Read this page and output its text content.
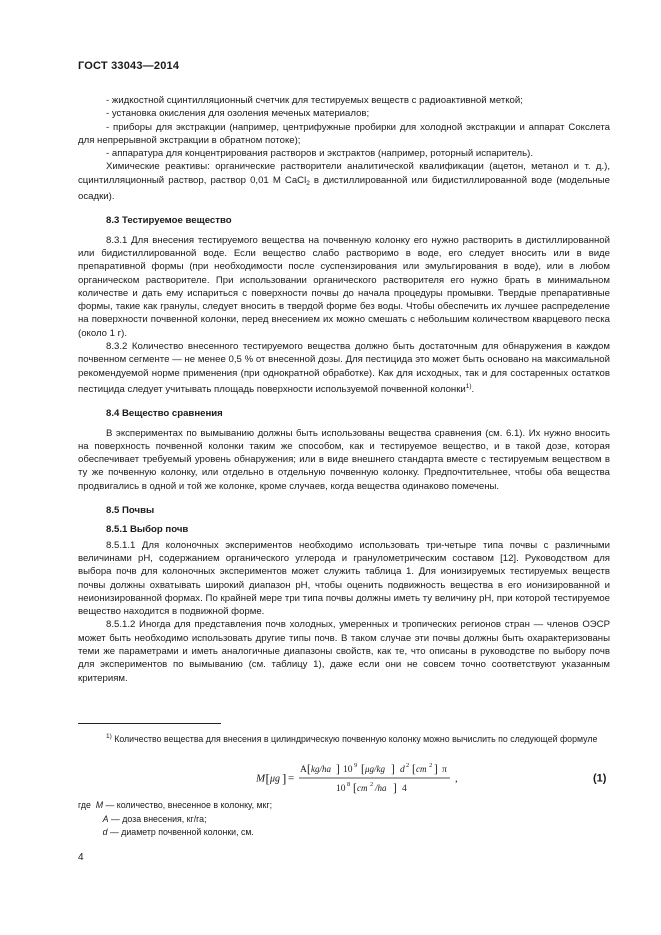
ГОСТ 33043—2014

- жидкостной сцинтилляционный счетчик для тестируемых веществ с радиоактивной меткой;

- установка окисления для озоления меченых материалов;

- приборы для экстракции (например, центрифужные пробирки для холодной экстракции и аппарат Сокслета для непрерывной экстракции в обратном потоке);

- аппаратура для концентрирования растворов и экстрактов (например, роторный испаритель).

Химические реактивы: органические растворители аналитической квалификации (ацетон, метанол и т. д.), сцинтилляционный раствор, раствор 0,01 М CaCl$_2$ в дистиллированной или бидистиллированной воде (модельные осадки).

8.3 Тестируемое вещество

8.3.1 Для внесения тестируемого вещества на почвенную колонку его нужно растворить в дистиллированной или бидистиллированной воде. Если вещество слабо растворимо в воде, его следует вносить или в виде препаративной формы (при необходимости после суспензирования или эмульгирования в воде), или в любом органическом растворителе. При использовании органического растворителя его нужно брать в минимальном количестве и дать ему испариться с поверхности почвы до начала процедуры промывки. Твердые препаративные формы, такие как гранулы, следует вносить в твердой форме без воды. Чтобы обеспечить их лучшее распределение на поверхности почвенной колонки, перед внесением их можно смешать с небольшим количеством кварцевого песка (около 1 г).

8.3.2 Количество внесенного тестируемого вещества должно быть достаточным для обнаружения в каждом почвенном сегменте — не менее 0,5 % от внесенной дозы. Для пестицида это может быть основано на максимальной рекомендуемой норме применения (при однократной обработке). Как для исходных, так и для состаренных остатков пестицида следует учитывать площадь поверхности используемой почвенной колонки$^{1)}$.

8.4 Вещество сравнения

В экспериментах по вымыванию должны быть использованы вещества сравнения (см. 6.1). Их нужно вносить на поверхность почвенной колонки таким же способом, как и тестируемое вещество, и в такой дозе, которая обеспечивает требуемый уровень обнаружения; или в виде внешнего стандарта вместе с тестируемым веществом в ту же почвенную колонку, или отдельно в отдельную почвенную колонку. Предпочтительнее, чтобы оба вещества продвигались в одной и той же колонке, кроме случаев, когда вещества одинаково помечены.

8.5 Почвы

8.5.1 Выбор почв

8.5.1.1 Для колоночных экспериментов необходимо использовать три-четыре типа почвы с различными величинами pH, содержанием органического углерода и гранулометрическим составом [12]. Руководством для выбора почв для колоночных экспериментов может служить таблица 1. Для ионизируемых тестируемых веществ почвы должны охватывать широкий диапазон pH, чтобы оценить подвижность вещества в его ионизированной и неионизированной формах. По крайней мере три типа почвы должны иметь ту величину pH, при которой тестируемое вещество находится в подвижной форме.

8.5.1.2 Иногда для представления почв холодных, умеренных и тропических регионов стран — членов ОЭСР может быть необходимо использовать другие типы почв. В таком случае эти почвы должны быть охарактеризованы теми же параметрами и иметь аналогичные диапазоны свойств, как те, что описаны в руководстве по выбору почв для экспериментов по вымыванию (см. таблицу 1), даже если они не совсем точно соответствуют указанным критериям.

$^{1)}$ Количество вещества для внесения в цилиндрическую почвенную колонку можно вычислить по следующей формуле

M [ μg ] =
A [ kg/ha ] 10 9 [ μg/kg ] d 2 [ cm 2 ] π
10 8 [ cm 2 /ha ] 4
,	(1)

где M — количество, внесенное в колонку, мкг;

A — доза внесения, кг/га;

d — диаметр почвенной колонки, см.

4
